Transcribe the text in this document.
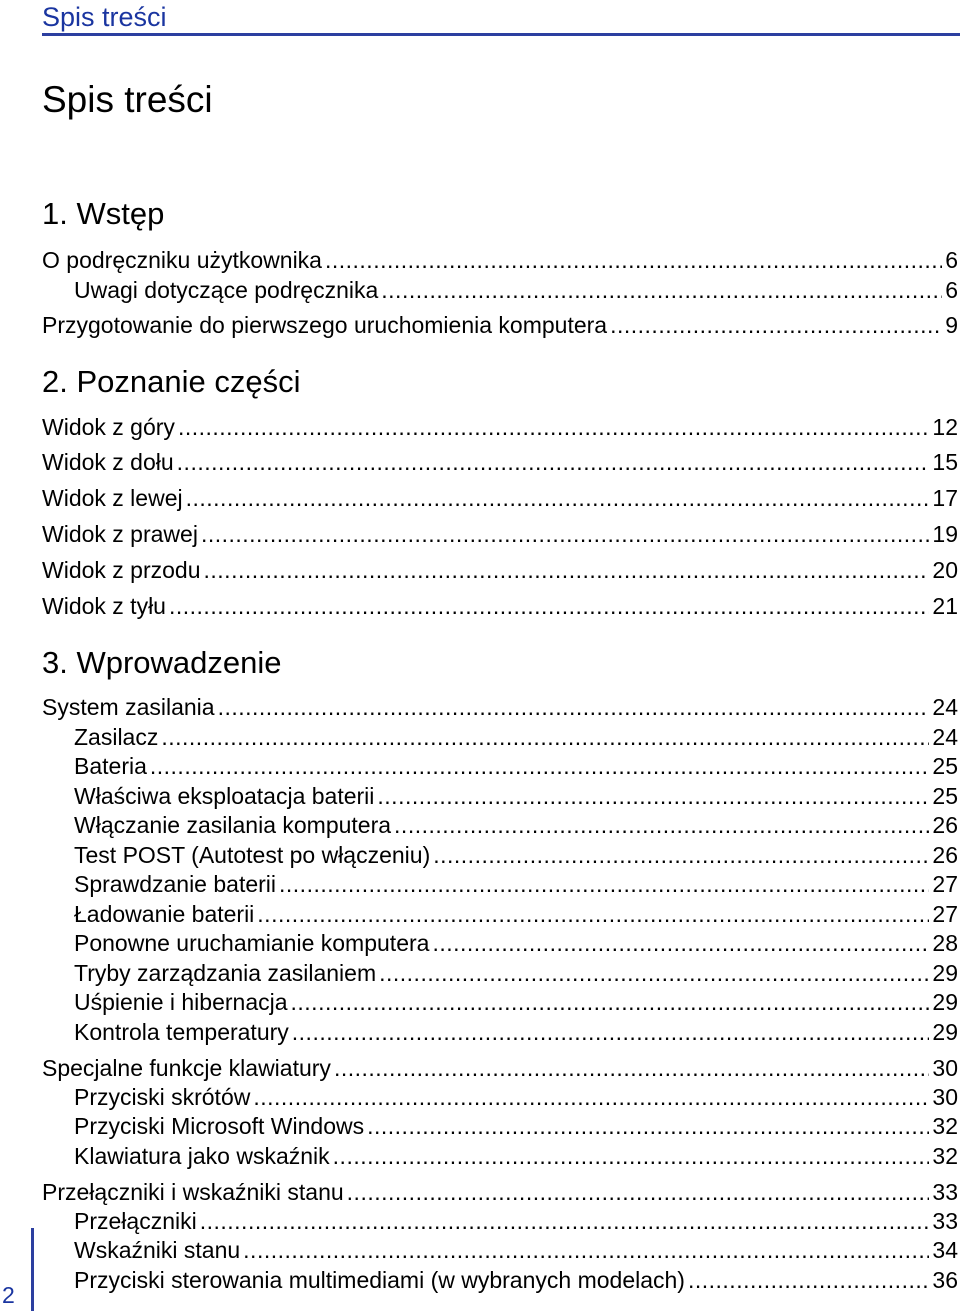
Spis treści
Spis treści
1. Wstęp
O podręczniku użytkownika .....	6
Uwagi dotyczące podręcznika .....	6
Przygotowanie do pierwszego uruchomienia komputera .....	9
2. Poznanie części
Widok z góry .....	12
Widok z dołu .....	15
Widok z lewej .....	17
Widok z prawej .....	19
Widok z przodu .....	20
Widok z tyłu .....	21
3. Wprowadzenie
System zasilania .....	24
Zasilacz .....	24
Bateria .....	25
Właściwa eksploatacja baterii .....	25
Włączanie zasilania komputera .....	26
Test POST (Autotest po włączeniu) .....	26
Sprawdzanie baterii .....	27
Ładowanie baterii .....	27
Ponowne uruchamianie komputera .....	28
Tryby zarządzania zasilaniem .....	29
Uśpienie i hibernacja .....	29
Kontrola temperatury .....	29
Specjalne funkcje klawiatury .....	30
Przyciski skrótów .....	30
Przyciski Microsoft Windows .....	32
Klawiatura jako wskaźnik .....	32
Przełączniki i wskaźniki stanu .....	33
Przełączniki .....	33
Wskaźniki stanu .....	34
Przyciski sterowania multimediami (w wybranych modelach) .....	36
2
